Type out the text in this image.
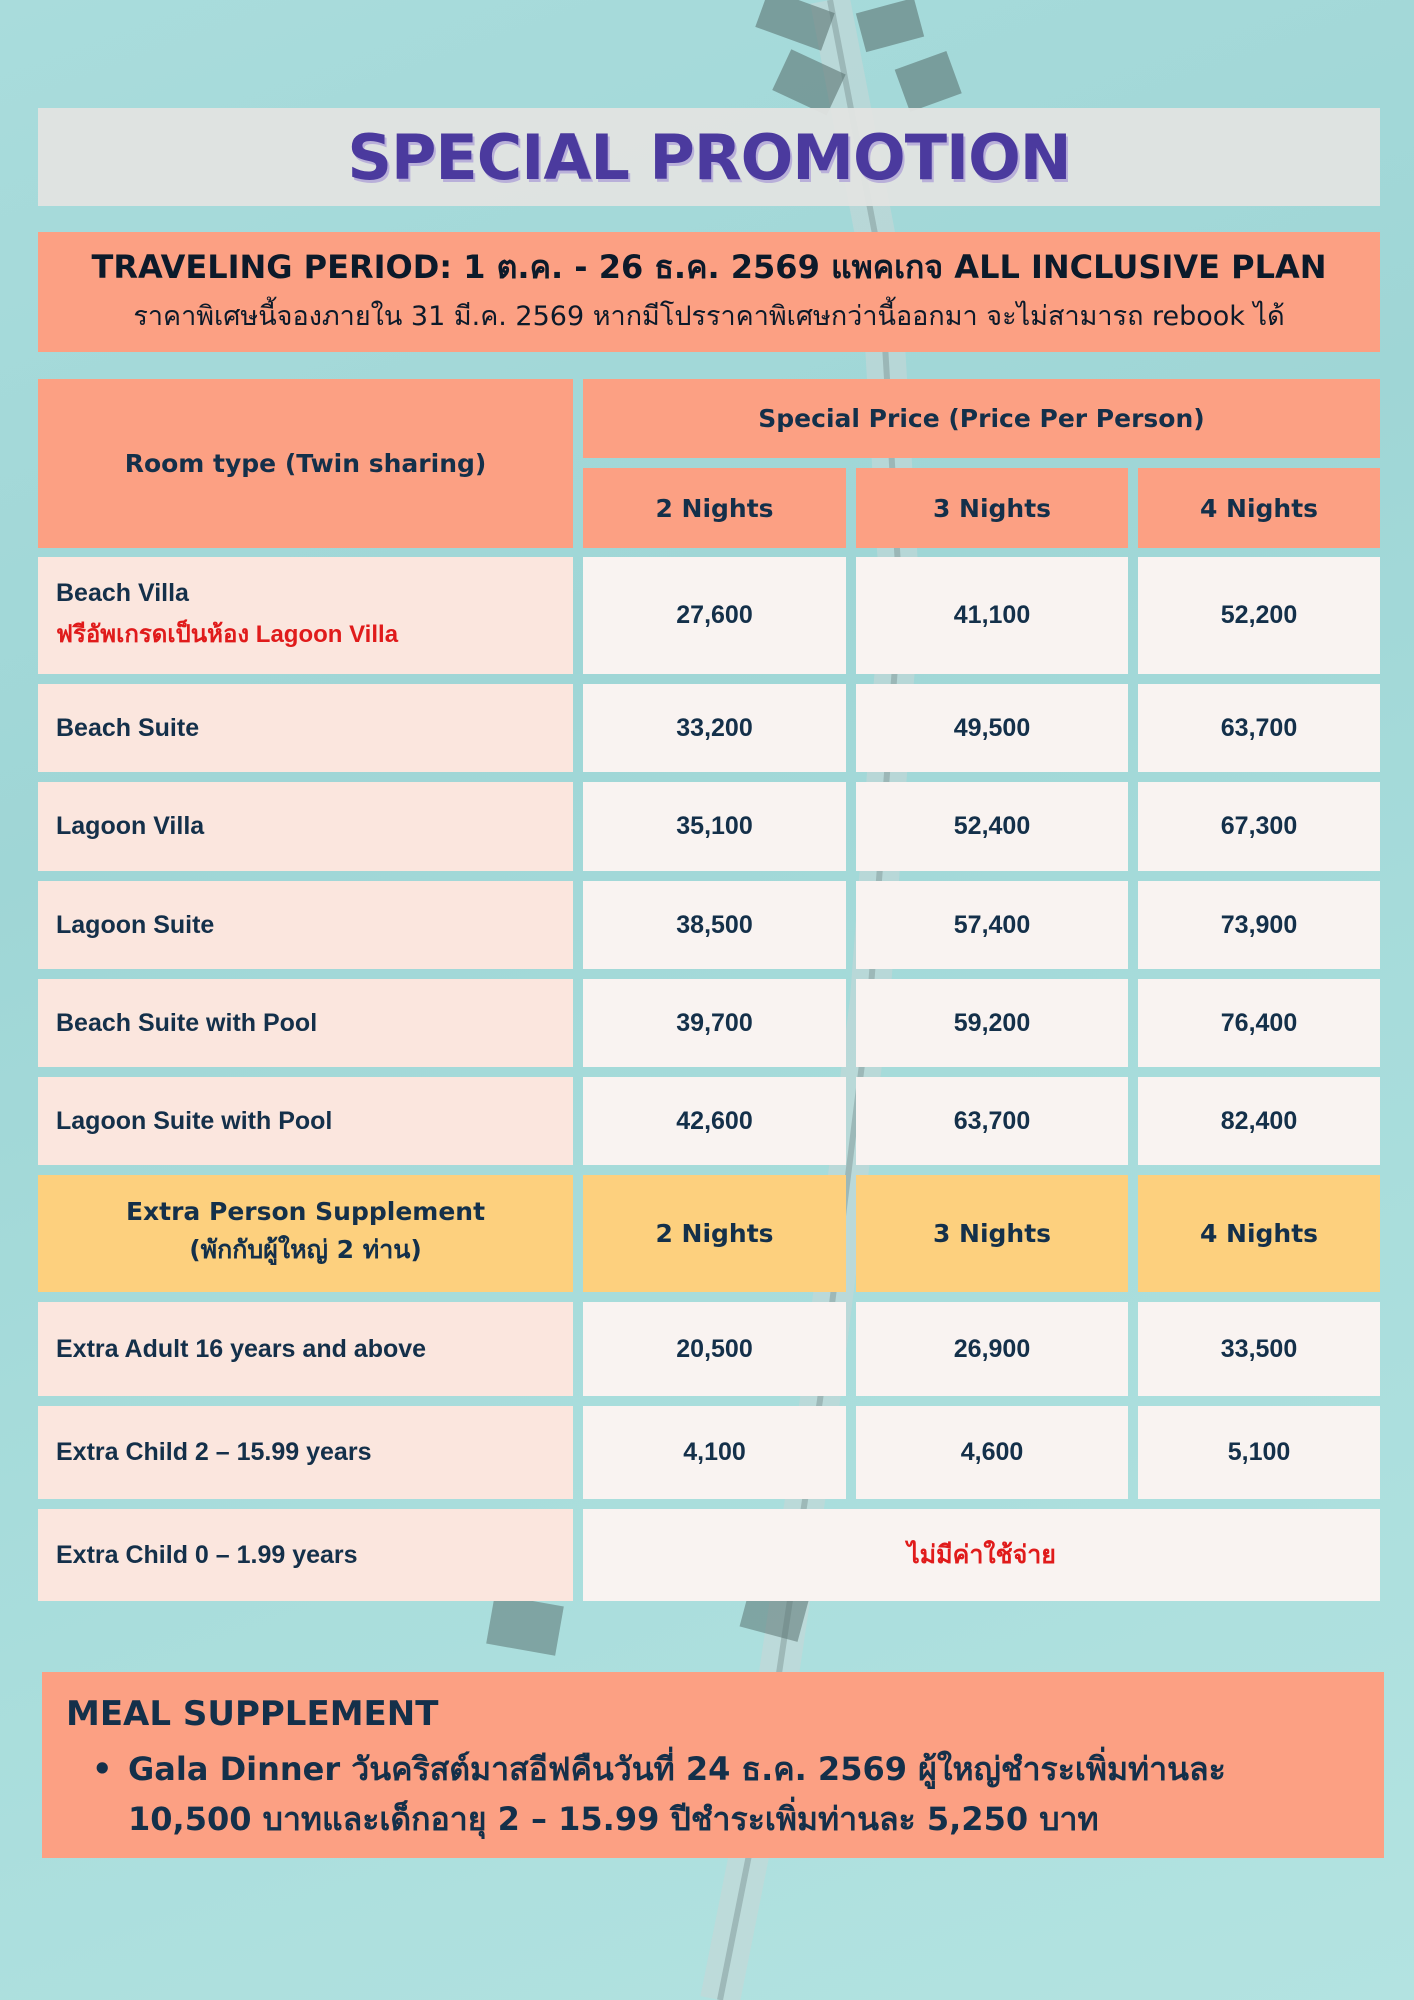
SPECIAL PROMOTION
TRAVELING PERIOD: 1 ต.ค. - 26 ธ.ค. 2569 แพคเกจ ALL INCLUSIVE PLAN
ราคาพิเศษนี้จองภายใน 31 มี.ค. 2569 หากมีโปรราคาพิเศษกว่านี้ออกมา จะไม่สามารถ rebook ได้
Room type (Twin sharing)
Special Price (Price Per Person)
2 Nights	3 Nights	4 Nights
Beach Villa
ฟรีอัพเกรดเป็นห้อง Lagoon Villa
27,600	41,100	52,200
Beach Suite	33,200	49,500	63,700
Lagoon Villa	35,100	52,400	67,300
Lagoon Suite	38,500	57,400	73,900
Beach Suite with Pool	39,700	59,200	76,400
Lagoon Suite with Pool	42,600	63,700	82,400
Extra Person Supplement
(พักกับผู้ใหญ่ 2 ท่าน)
2 Nights	3 Nights	4 Nights
Extra Adult 16 years and above	20,500	26,900	33,500
Extra Child 2 – 15.99 years	4,100	4,600	5,100
Extra Child 0 – 1.99 years	ไม่มีค่าใช้จ่าย
MEAL SUPPLEMENT
• Gala Dinner วันคริสต์มาสอีฟคืนวันที่ 24 ธ.ค. 2569 ผู้ใหญ่ชำระเพิ่มท่านละ 10,500 บาทและเด็กอายุ 2 – 15.99 ปีชำระเพิ่มท่านละ 5,250 บาท
